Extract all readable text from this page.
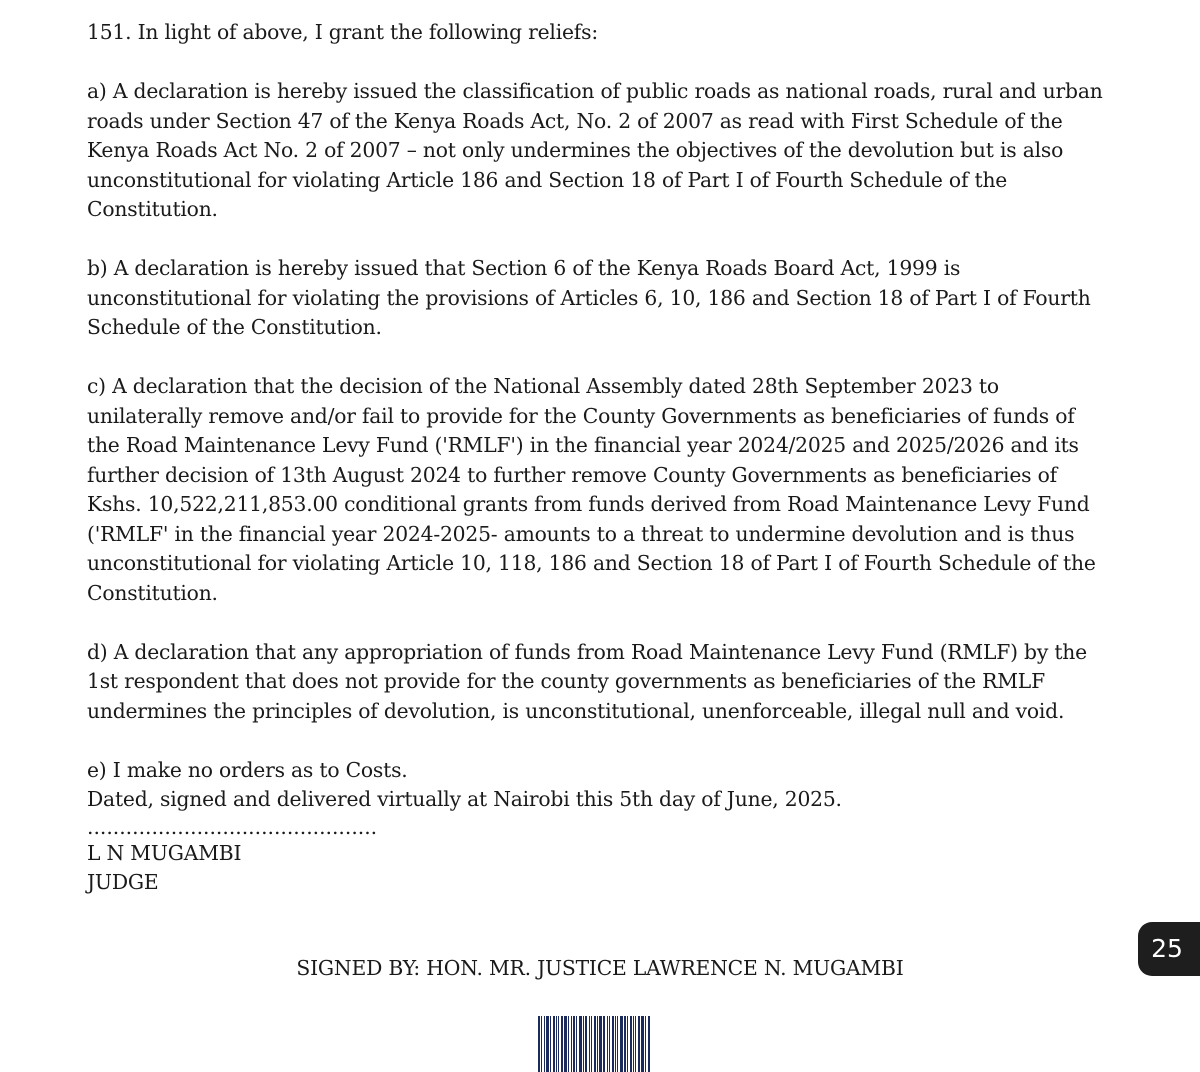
151. In light of above, I grant the following reliefs:

a) A declaration is hereby issued the classification of public roads as national roads, rural and urban
roads under Section 47 of the Kenya Roads Act, No. 2 of 2007 as read with First Schedule of the
Kenya Roads Act No. 2 of 2007 – not only undermines the objectives of the devolution but is also
unconstitutional for violating Article 186 and Section 18 of Part I of Fourth Schedule of the
Constitution.

b) A declaration is hereby issued that Section 6 of the Kenya Roads Board Act, 1999 is
unconstitutional for violating the provisions of Articles 6, 10, 186 and Section 18 of Part I of Fourth
Schedule of the Constitution.

c) A declaration that the decision of the National Assembly dated 28th September 2023 to
unilaterally remove and/or fail to provide for the County Governments as beneficiaries of funds of
the Road Maintenance Levy Fund ('RMLF') in the financial year 2024/2025 and 2025/2026 and its
further decision of 13th August 2024 to further remove County Governments as beneficiaries of
Kshs. 10,522,211,853.00 conditional grants from funds derived from Road Maintenance Levy Fund
('RMLF' in the financial year 2024-2025- amounts to a threat to undermine devolution and is thus
unconstitutional for violating Article 10, 118, 186 and Section 18 of Part I of Fourth Schedule of the
Constitution.

d) A declaration that any appropriation of funds from Road Maintenance Levy Fund (RMLF) by the
1st respondent that does not provide for the county governments as beneficiaries of the RMLF
undermines the principles of devolution, is unconstitutional, unenforceable, illegal null and void.

e) I make no orders as to Costs.

Dated, signed and delivered virtually at Nairobi this 5th day of June, 2025.

.............................................

L N MUGAMBI

JUDGE

25
SIGNED BY: HON. MR. JUSTICE LAWRENCE N. MUGAMBI
